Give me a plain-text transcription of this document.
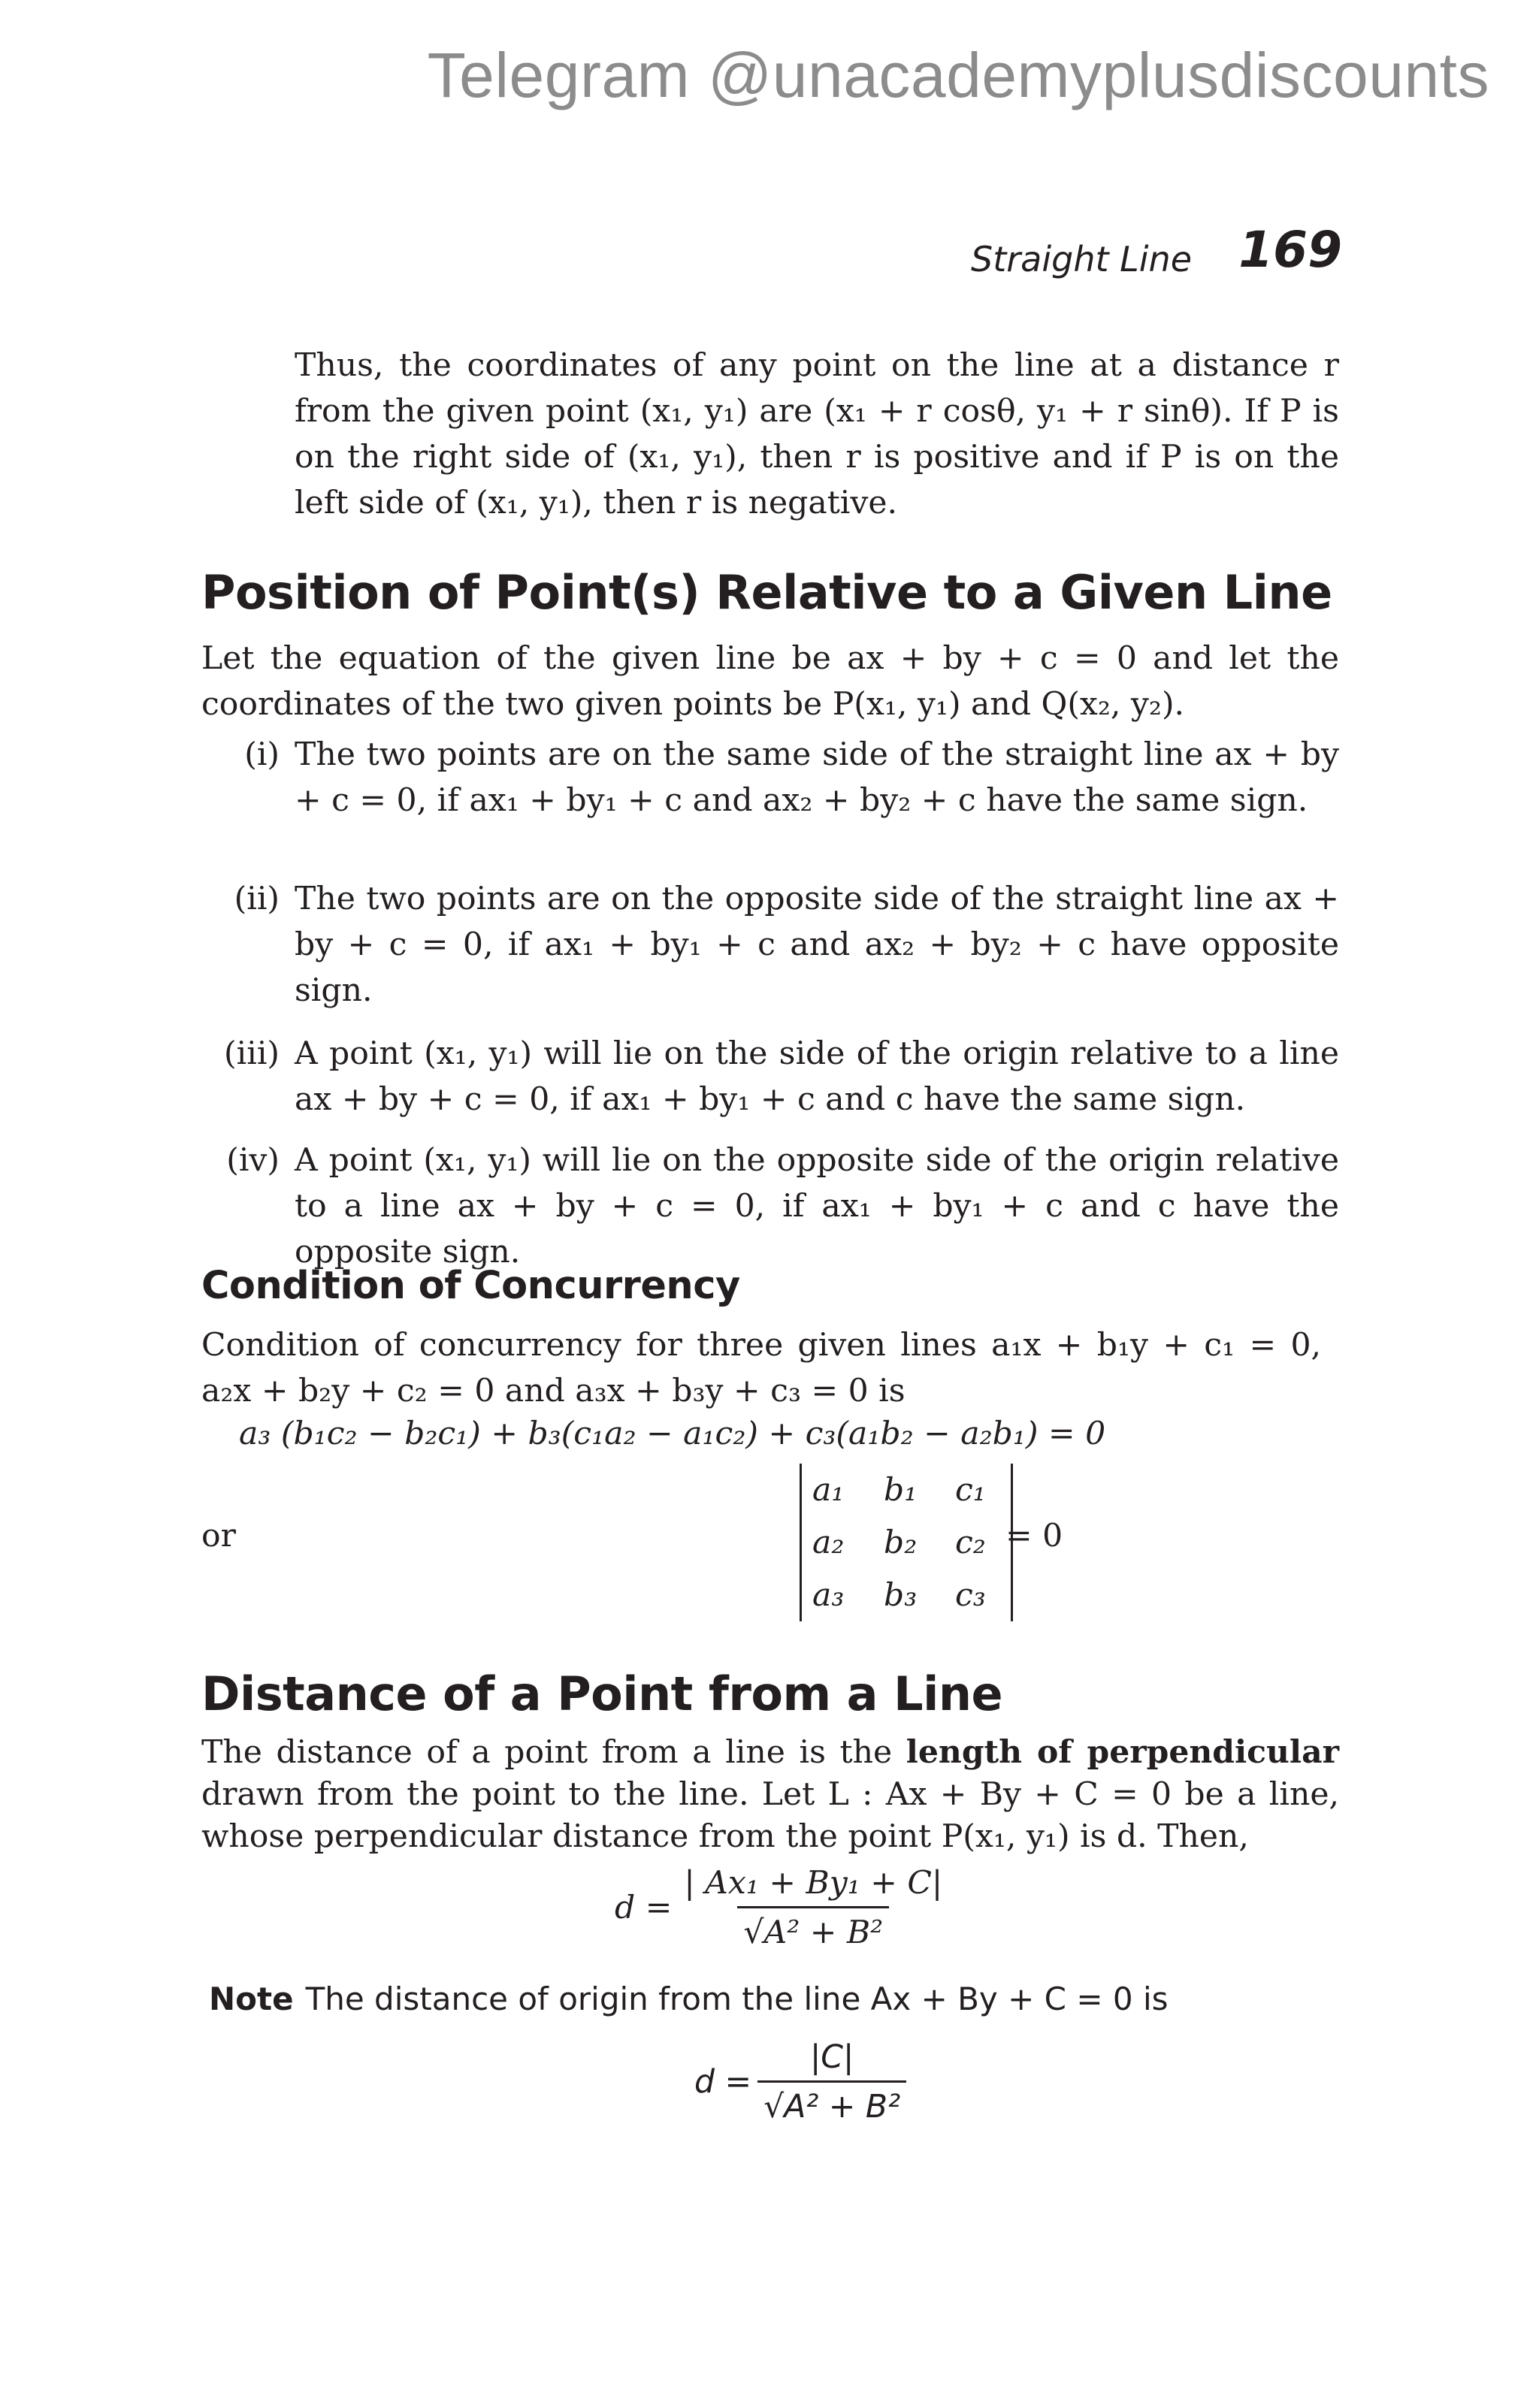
Telegram @unacademyplusdiscounts
Straight Line 169
Thus, the coordinates of any point on the line at a distance r from the given point (x₁, y₁) are (x₁ + r cosθ, y₁ + r sinθ). If P is on the right side of (x₁, y₁), then r is positive and if P is on the left side of (x₁, y₁), then r is negative.
Position of Point(s) Relative to a Given Line
Let the equation of the given line be ax + by + c = 0 and let the coordinates of the two given points be P(x₁, y₁) and Q(x₂, y₂).
(i) The two points are on the same side of the straight line ax + by + c = 0, if ax₁ + by₁ + c and ax₂ + by₂ + c have the same sign.
(ii) The two points are on the opposite side of the straight line ax + by + c = 0, if ax₁ + by₁ + c and ax₂ + by₂ + c have opposite sign.
(iii) A point (x₁, y₁) will lie on the side of the origin relative to a line ax + by + c = 0, if ax₁ + by₁ + c and c have the same sign.
(iv) A point (x₁, y₁) will lie on the opposite side of the origin relative to a line ax + by + c = 0, if ax₁ + by₁ + c and c have the opposite sign.
Condition of Concurrency
Condition of concurrency for three given lines a₁x + b₁y + c₁ = 0, a₂x + b₂y + c₂ = 0 and a₃x + b₃y + c₃ = 0 is
a₃ (b₁c₂ − b₂c₁) + b₃(c₁a₂ − a₁c₂) + c₃(a₁b₂ − a₂b₁) = 0
or
a₁	b₁	c₁
a₂	b₂	c₂
a₃	b₃	c₃
= 0
Distance of a Point from a Line
The distance of a point from a line is the length of perpendicular drawn from the point to the line. Let L : Ax + By + C = 0 be a line, whose perpendicular distance from the point P(x₁, y₁) is d. Then,
$d = \frac{\text{| Ax₁ + By₁ + C|}}{\text{√A² + B²}}$
Note The distance of origin from the line Ax + By + C = 0 is
$d = \frac{|C|}{\text{√A² + B²}}$
